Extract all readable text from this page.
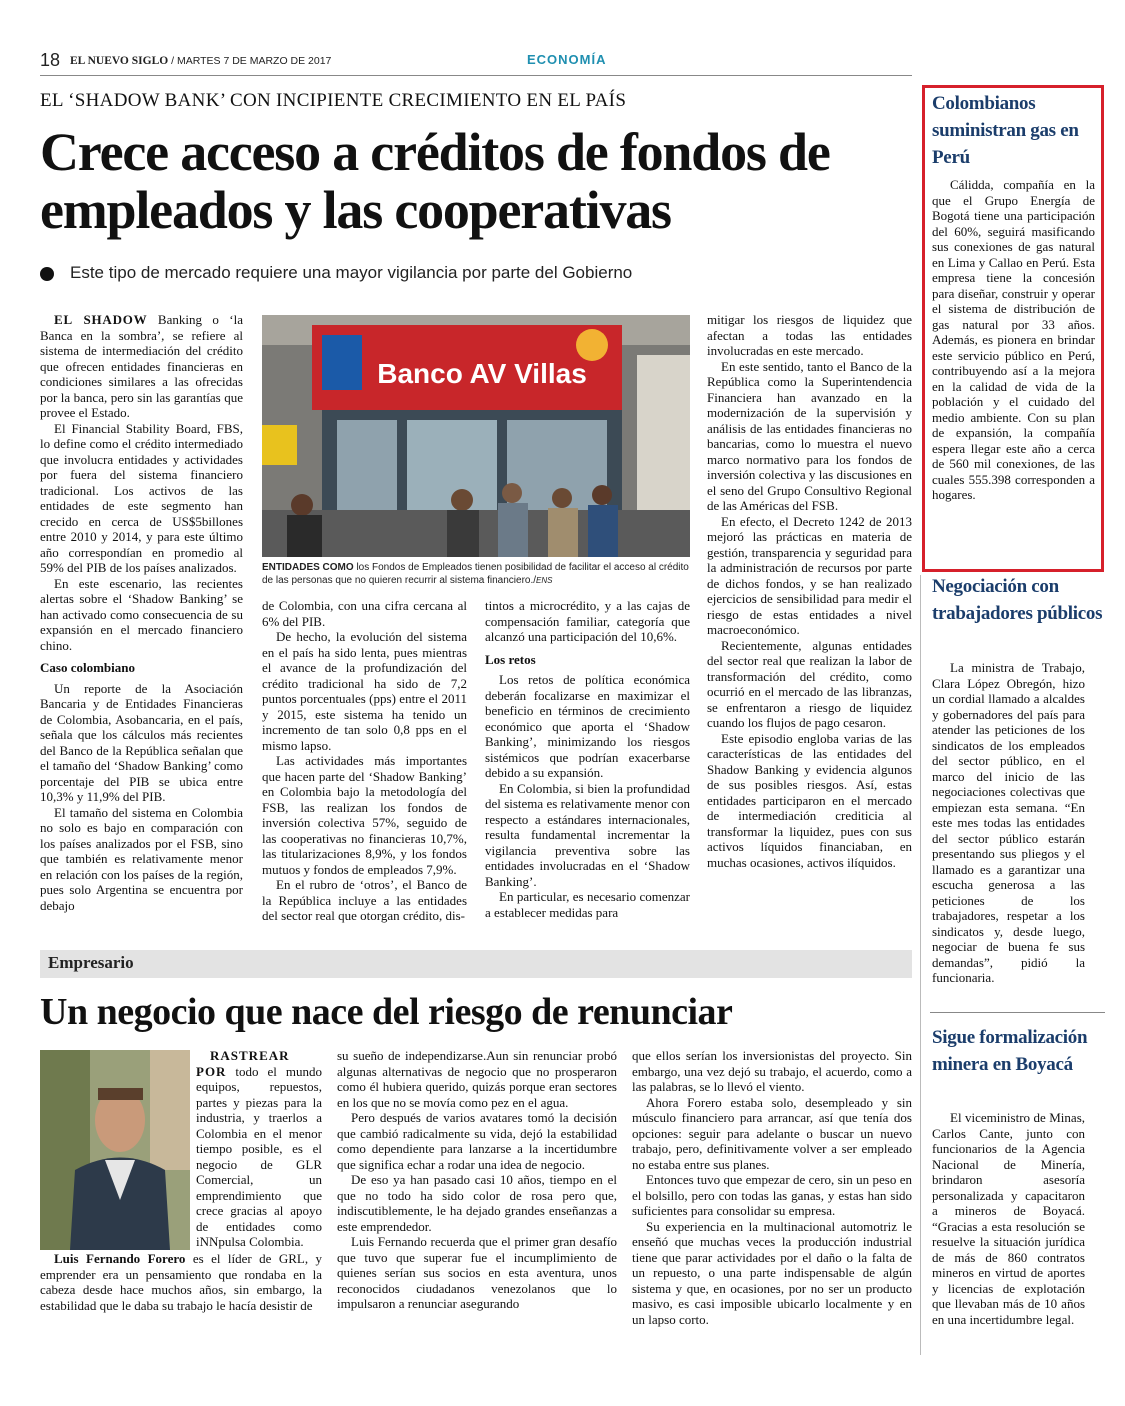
18 EL NUEVO SIGLO / MARTES 7 DE MARZO DE 2017	ECONOMÍA
EL ‘SHADOW BANK’ CON INCIPIENTE CRECIMIENTO EN EL PAÍS
Crece acceso a créditos de fondos de empleados y las cooperativas
Este tipo de mercado requiere una mayor vigilancia por parte del Gobierno

EL SHADOW Banking o ‘la Banca en la sombra’, se refiere al sistema de intermediación del crédito que ofrecen entidades financieras en condiciones similares a las ofrecidas por la banca, pero sin las garantías que provee el Estado.

El Financial Stability Board, FBS, lo define como el crédito intermediado que involucra entidades y actividades por fuera del sistema financiero tradicional. Los activos de las entidades de este segmento han crecido en cerca de US$5billones entre 2010 y 2014, y para este último año correspondían en promedio al 59% del PIB de los países analizados.

En este escenario, las recientes alertas sobre el ‘Shadow Banking’ se han activado como consecuencia de su expansión en el mercado financiero chino.

Caso colombiano

Un reporte de la Asociación Bancaria y de Entidades Financieras de Colombia, Asobancaria, en el país, señala que los cálculos más recientes del Banco de la República señalan que el tamaño del ‘Shadow Banking’ como porcentaje del PIB se ubica entre 10,3% y 11,9% del PIB.

El tamaño del sistema en Colombia no solo es bajo en comparación con los países analizados por el FSB, sino que también es relativamente menor en relación con los países de la región, pues solo Argentina se encuentra por debajo

Banco AV Villas
ENTIDADES COMO los Fondos de Empleados tienen posibilidad de facilitar el acceso al crédito de las personas que no quieren recurrir al sistema financiero./ENS

de Colombia, con una cifra cercana al 6% del PIB.

De hecho, la evolución del sistema en el país ha sido lenta, pues mientras el avance de la profundización del crédito tradicional ha sido de 7,2 puntos porcentuales (pps) entre el 2011 y 2015, este sistema ha tenido un incremento de tan solo 0,8 pps en el mismo lapso.

Las actividades más importantes que hacen parte del ‘Shadow Banking’ en Colombia bajo la metodología del FSB, las realizan los fondos de inversión colectiva 57%, seguido de las cooperativas no financieras 10,7%, las titularizaciones 8,9%, y los fondos mutuos y fondos de empleados 7,9%.

En el rubro de ‘otros’, el Banco de la República incluye a las entidades del sector real que otorgan crédito, dis-

tintos a microcrédito, y a las cajas de compensación familiar, categoría que alcanzó una participación del 10,6%.

Los retos

Los retos de política económica deberán focalizarse en maximizar el beneficio en términos de crecimiento económico que aporta el ‘Shadow Banking’, minimizando los riesgos sistémicos que podrían exacerbarse debido a su expansión.

En Colombia, si bien la profundidad del sistema es relativamente menor con respecto a estándares internacionales, resulta fundamental incrementar la vigilancia preventiva sobre las entidades involucradas en el ‘Shadow Banking’.

En particular, es necesario comenzar a establecer medidas para

mitigar los riesgos de liquidez que afectan a todas las entidades involucradas en este mercado.

En este sentido, tanto el Banco de la República como la Superintendencia Financiera han avanzado en la modernización de la supervisión y análisis de las entidades financieras no bancarias, como lo muestra el nuevo marco normativo para los fondos de inversión colectiva y las discusiones en el seno del Grupo Consultivo Regional de las Américas del FSB.

En efecto, el Decreto 1242 de 2013 mejoró las prácticas en materia de gestión, transparencia y seguridad para la administración de recursos por parte de dichos fondos, y se han realizado ejercicios de sensibilidad para medir el riesgo de estas entidades a nivel macroeconómico.

Recientemente, algunas entidades del sector real que realizan la labor de transformación del crédito, como ocurrió en el mercado de las libranzas, se enfrentaron a riesgo de liquidez cuando los flujos de pago cesaron.

Este episodio engloba varias de las características de las entidades del Shadow Banking y evidencia algunos de sus posibles riesgos. Así, estas entidades participaron en el mercado de intermediación crediticia al transformar la liquidez, pues con sus activos líquidos financiaban, en muchas ocasiones, activos ilíquidos.

Empresario
Un negocio que nace del riesgo de renunciar

RASTREAR POR todo el mundo equipos, repuestos, partes y piezas para la industria, y traerlos a Colombia en el menor tiempo posible, es el negocio de GLR Comercial, un emprendimiento que crece gracias al apoyo de entidades como iNNpulsa Colombia.

Luis Fernando Forero es el líder de GRL, y emprender era un pensamiento que rondaba en la cabeza desde hace muchos años, sin embargo, la estabilidad que le daba su trabajo le hacía desistir de

su sueño de independizarse.Aun sin renunciar probó algunas alternativas de negocio que no prosperaron como él hubiera querido, quizás porque eran sectores en los que no se movía como pez en el agua.

Pero después de varios avatares tomó la decisión que cambió radicalmente su vida, dejó la estabilidad como dependiente para lanzarse a la incertidumbre que significa echar a rodar una idea de negocio.

De eso ya han pasado casi 10 años, tiempo en el que no todo ha sido color de rosa pero que, indiscutiblemente, le ha dejado grandes enseñanzas a este emprendedor.

Luis Fernando recuerda que el primer gran desafío que tuvo que superar fue el incumplimiento de quienes serían sus socios en esta aventura, unos reconocidos ciudadanos venezolanos que lo impulsaron a renunciar asegurando

que ellos serían los inversionistas del proyecto. Sin embargo, una vez dejó su trabajo, el acuerdo, como a las palabras, se lo llevó el viento.

Ahora Forero estaba solo, desempleado y sin músculo financiero para arrancar, así que tenía dos opciones: seguir para adelante o buscar un nuevo trabajo, pero, definitivamente volver a ser empleado no estaba entre sus planes.

Entonces tuvo que empezar de cero, sin un peso en el bolsillo, pero con todas las ganas, y estas han sido suficientes para consolidar su empresa.

Su experiencia en la multinacional automotriz le enseñó que muchas veces la producción industrial tiene que parar actividades por el daño o la falta de un repuesto, o una parte indispensable de algún sistema y que, en ocasiones, por no ser un producto masivo, es casi imposible ubicarlo localmente y en un lapso corto.

Colombianos suministran gas en Perú

Cálidda, compañía en la que el Grupo Energía de Bogotá tiene una participación del 60%, seguirá masificando sus conexiones de gas natural en Lima y Callao en Perú. Esta empresa tiene la concesión para diseñar, construir y operar el sistema de distribución de gas natural por 33 años. Además, es pionera en brindar este servicio público en Perú, contribuyendo así a la mejora en la calidad de vida de la población y el cuidado del medio ambiente. Con su plan de expansión, la compañía espera llegar este año a cerca de 560 mil conexiones, de las cuales 555.398 corresponden a hogares.

Negociación con trabajadores públicos

La ministra de Trabajo, Clara López Obregón, hizo un cordial llamado a alcaldes y gobernadores del país para atender las peticiones de los sindicatos de los empleados del sector público, en el marco del inicio de las negociaciones colectivas que empiezan esta semana. “En este mes todas las entidades del sector público estarán presentando sus pliegos y el llamado es a garantizar una escucha generosa a las peticiones de los trabajadores, respetar a los sindicatos y, desde luego, negociar de buena fe sus demandas”, pidió la funcionaria.

Sigue formalización minera en Boyacá

El viceministro de Minas, Carlos Cante, junto con funcionarios de la Agencia Nacional de Minería, brindaron asesoría personalizada y capacitaron a mineros de Boyacá. “Gracias a esta resolución se resuelve la situación jurídica de más de 860 contratos mineros en virtud de aportes y licencias de explotación que llevaban más de 10 años en una incertidumbre legal.
